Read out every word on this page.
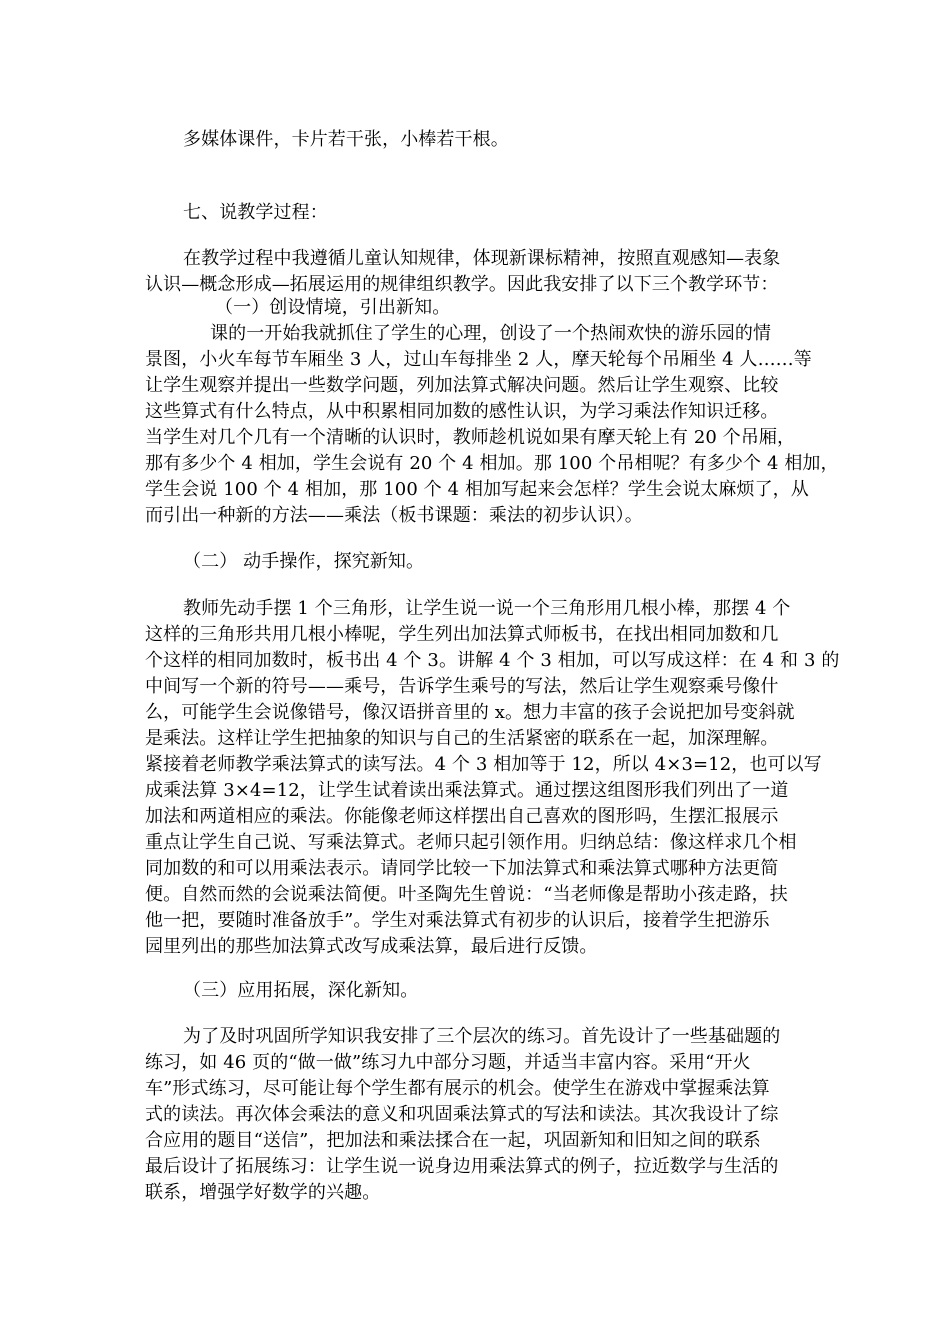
多媒体课件，卡片若干张，小棒若干根。
七、说教学过程：
在教学过程中我遵循儿童认知规律，体现新课标精神，按照直观感知—表象
认识—概念形成—拓展运用的规律组织教学。因此我安排了以下三个教学环节：
（一）创设情境，引出新知。
课的一开始我就抓住了学生的心理，创设了一个热闹欢快的游乐园的情
景图，小火车每节车厢坐 3 人，过山车每排坐 2 人，摩天轮每个吊厢坐 4 人……等
让学生观察并提出一些数学问题，列加法算式解决问题。然后让学生观察、比较
这些算式有什么特点，从中积累相同加数的感性认识，为学习乘法作知识迁移。
当学生对几个几有一个清晰的认识时，教师趁机说如果有摩天轮上有 20 个吊厢，
那有多少个 4 相加，学生会说有 20 个 4 相加。那 100 个吊相呢？有多少个 4 相加，
学生会说 100 个 4 相加，那 100 个 4 相加写起来会怎样？学生会说太麻烦了，从
而引出一种新的方法——乘法（板书课题：乘法的初步认识）。
（二） 动手操作，探究新知。
教师先动手摆 1 个三角形，让学生说一说一个三角形用几根小棒，那摆 4 个
这样的三角形共用几根小棒呢，学生列出加法算式师板书，在找出相同加数和几
个这样的相同加数时，板书出 4 个 3。讲解 4 个 3 相加，可以写成这样：在 4 和 3 的
中间写一个新的符号——乘号，告诉学生乘号的写法，然后让学生观察乘号像什
么，可能学生会说像错号，像汉语拼音里的 x。想力丰富的孩子会说把加号变斜就
是乘法。这样让学生把抽象的知识与自己的生活紧密的联系在一起，加深理解。
紧接着老师教学乘法算式的读写法。4 个 3 相加等于 12，所以 4×3=12，也可以写
成乘法算 3×4=12，让学生试着读出乘法算式。通过摆这组图形我们列出了一道
加法和两道相应的乘法。你能像老师这样摆出自己喜欢的图形吗，生摆汇报展示
重点让学生自己说、写乘法算式。老师只起引领作用。归纳总结：像这样求几个相
同加数的和可以用乘法表示。请同学比较一下加法算式和乘法算式哪种方法更简
便。自然而然的会说乘法简便。叶圣陶先生曾说：“当老师像是帮助小孩走路，扶
他一把，要随时准备放手”。学生对乘法算式有初步的认识后，接着学生把游乐
园里列出的那些加法算式改写成乘法算，最后进行反馈。
（三）应用拓展，深化新知。
为了及时巩固所学知识我安排了三个层次的练习。首先设计了一些基础题的
练习，如 46 页的“做一做”练习九中部分习题，并适当丰富内容。采用“开火
车”形式练习，尽可能让每个学生都有展示的机会。使学生在游戏中掌握乘法算
式的读法。再次体会乘法的意义和巩固乘法算式的写法和读法。其次我设计了综
合应用的题目“送信”，把加法和乘法揉合在一起，巩固新知和旧知之间的联系
最后设计了拓展练习：让学生说一说身边用乘法算式的例子，拉近数学与生活的
联系，增强学好数学的兴趣。
